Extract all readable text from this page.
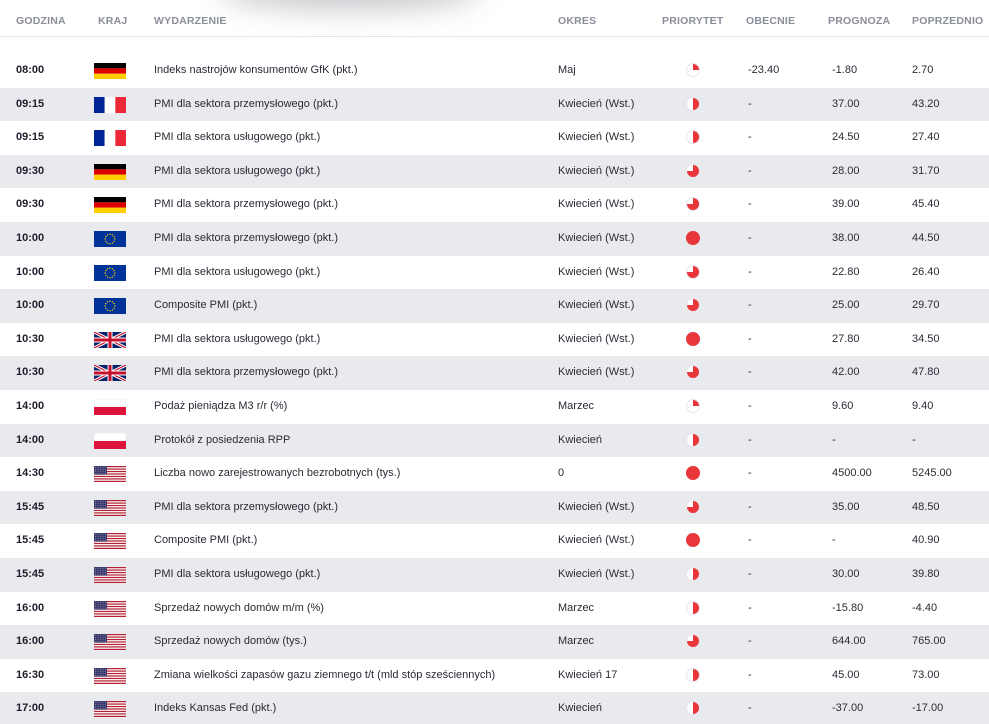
GODZINA	KRAJ	WYDARZENIE	OKRES	PRIORYTET OBECNIE	PROGNOZA POPRZEDNIO
08:00	Indeks nastrojów konsumentów GfK (pkt.)	Maj	-23.40	-1.80	2.70
09:15	PMI dla sektora przemysłowego (pkt.)	Kwiecień (Wst.)	-	37.00	43.20
09:15	PMI dla sektora usługowego (pkt.)	Kwiecień (Wst.)	-	24.50	27.40
09:30	PMI dla sektora usługowego (pkt.)	Kwiecień (Wst.)	-	28.00	31.70
09:30	PMI dla sektora przemysłowego (pkt.)	Kwiecień (Wst.)	-	39.00	45.40
10:00	PMI dla sektora przemysłowego (pkt.)	Kwiecień (Wst.)	-	38.00	44.50
10:00	PMI dla sektora usługowego (pkt.)	Kwiecień (Wst.)	-	22.80	26.40
10:00	Composite PMI (pkt.)	Kwiecień (Wst.)	-	25.00	29.70
10:30	PMI dla sektora usługowego (pkt.)	Kwiecień (Wst.)	-	27.80	34.50
10:30	PMI dla sektora przemysłowego (pkt.)	Kwiecień (Wst.)	-	42.00	47.80
14:00	Podaż pieniądza M3 r/r (%)	Marzec	-	9.60	9.40
14:00	Protokół z posiedzenia RPP	Kwiecień	-	-	-
14:30	Liczba nowo zarejestrowanych bezrobotnych (tys.)	0	-	4500.00	5245.00
15:45	PMI dla sektora przemysłowego (pkt.)	Kwiecień (Wst.)	-	35.00	48.50
15:45	Composite PMI (pkt.)	Kwiecień (Wst.)	-	-	40.90
15:45	PMI dla sektora usługowego (pkt.)	Kwiecień (Wst.)	-	30.00	39.80
16:00	Sprzedaż nowych domów m/m (%)	Marzec	-	-15.80	-4.40
16:00	Sprzedaż nowych domów (tys.)	Marzec	-	644.00	765.00
16:30	Zmiana wielkości zapasów gazu ziemnego t/t (mld stóp sześciennych)	Kwiecień 17	-	45.00	73.00
17:00	Indeks Kansas Fed (pkt.)	Kwiecień	-	-37.00	-17.00
